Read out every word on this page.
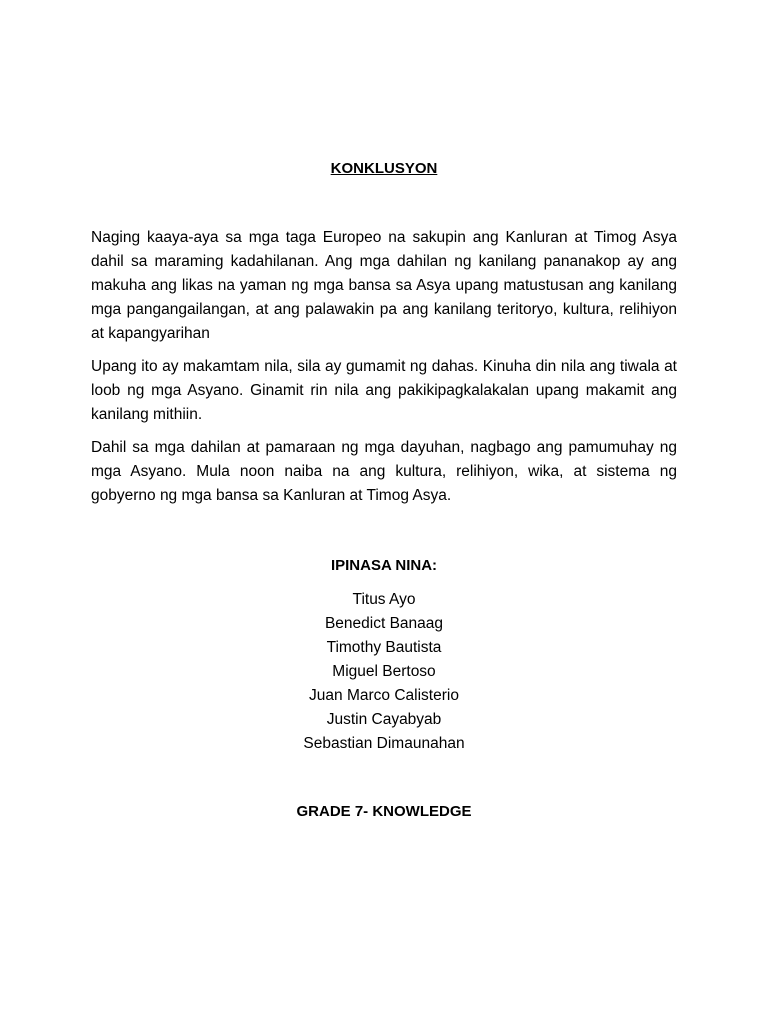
KONKLUSYON

Naging kaaya-aya sa mga taga Europeo na sakupin ang Kanluran at Timog Asya dahil sa maraming kadahilanan. Ang mga dahilan ng kanilang pananakop ay ang makuha ang likas na yaman ng mga bansa sa Asya upang matustusan ang kanilang mga pangangailangan, at ang palawakin pa ang kanilang teritoryo, kultura, relihiyon at kapangyarihan

Upang ito ay makamtam nila, sila ay gumamit ng dahas. Kinuha din nila ang tiwala at loob ng mga Asyano. Ginamit rin nila ang pakikipagkalakalan upang makamit ang kanilang mithiin.

Dahil sa mga dahilan at pamaraan ng mga dayuhan, nagbago ang pamumuhay ng mga Asyano. Mula noon naiba na ang kultura, relihiyon, wika, at sistema ng gobyerno ng mga bansa sa Kanluran at Timog Asya.

IPINASA NINA:
Titus Ayo
Benedict Banaag
Timothy Bautista
Miguel Bertoso
Juan Marco Calisterio
Justin Cayabyab
Sebastian Dimaunahan
GRADE 7- KNOWLEDGE
